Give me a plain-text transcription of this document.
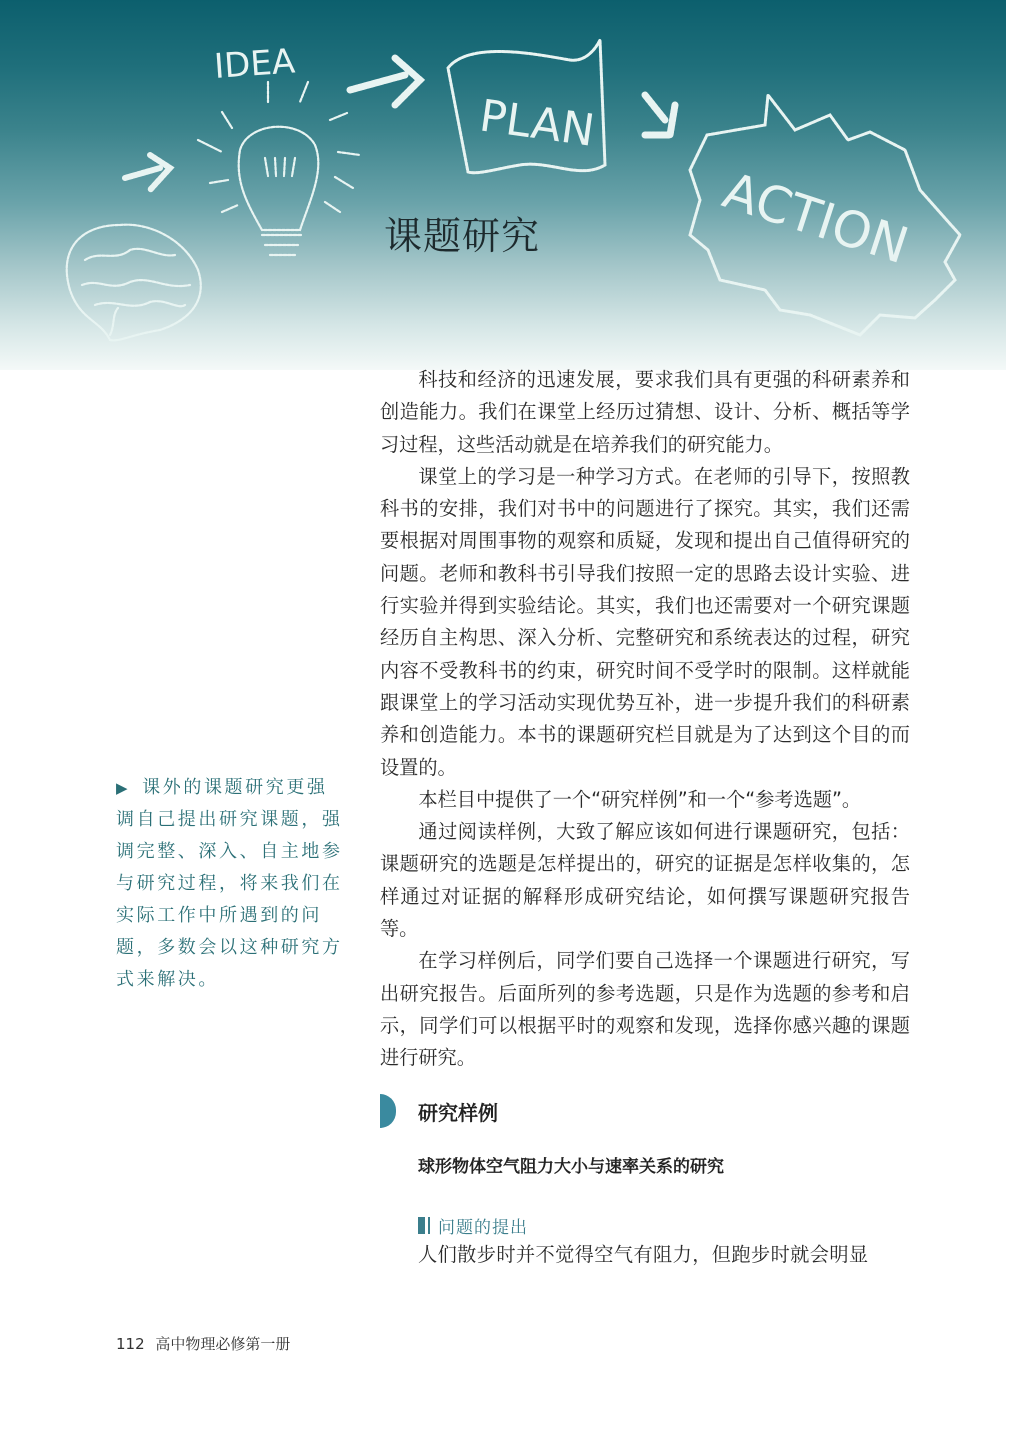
IDEA
PLAN
ACTION
课题研究

科技和经济的迅速发展，要求我们具有更强的科研素养和创造能力。我们在课堂上经历过猜想、设计、分析、概括等学习过程，这些活动就是在培养我们的研究能力。

课堂上的学习是一种学习方式。在老师的引导下，按照教科书的安排，我们对书中的问题进行了探究。其实，我们还需要根据对周围事物的观察和质疑，发现和提出自己值得研究的问题。老师和教科书引导我们按照一定的思路去设计实验、进行实验并得到实验结论。其实，我们也还需要对一个研究课题经历自主构思、深入分析、完整研究和系统表达的过程，研究内容不受教科书的约束，研究时间不受学时的限制。这样就能跟课堂上的学习活动实现优势互补，进一步提升我们的科研素养和创造能力。本书的课题研究栏目就是为了达到这个目的而设置的。

本栏目中提供了一个“研究样例”和一个“参考选题”。

通过阅读样例，大致了解应该如何进行课题研究，包括：课题研究的选题是怎样提出的，研究的证据是怎样收集的，怎样通过对证据的解释形成研究结论，如何撰写课题研究报告等。

在学习样例后，同学们要自己选择一个课题进行研究，写出研究报告。后面所列的参考选题，只是作为选题的参考和启示，同学们可以根据平时的观察和发现，选择你感兴趣的课题进行研究。

▶ 课外的课题研究更强调自己提出研究课题，强调完整、深入、自主地参与研究过程，将来我们在实际工作中所遇到的问题，多数会以这种研究方式来解决。
研究样例
球形物体空气阻力大小与速率关系的研究
问题的提出
人们散步时并不觉得空气有阻力，但跑步时就会明显
112 高中物理必修第一册
